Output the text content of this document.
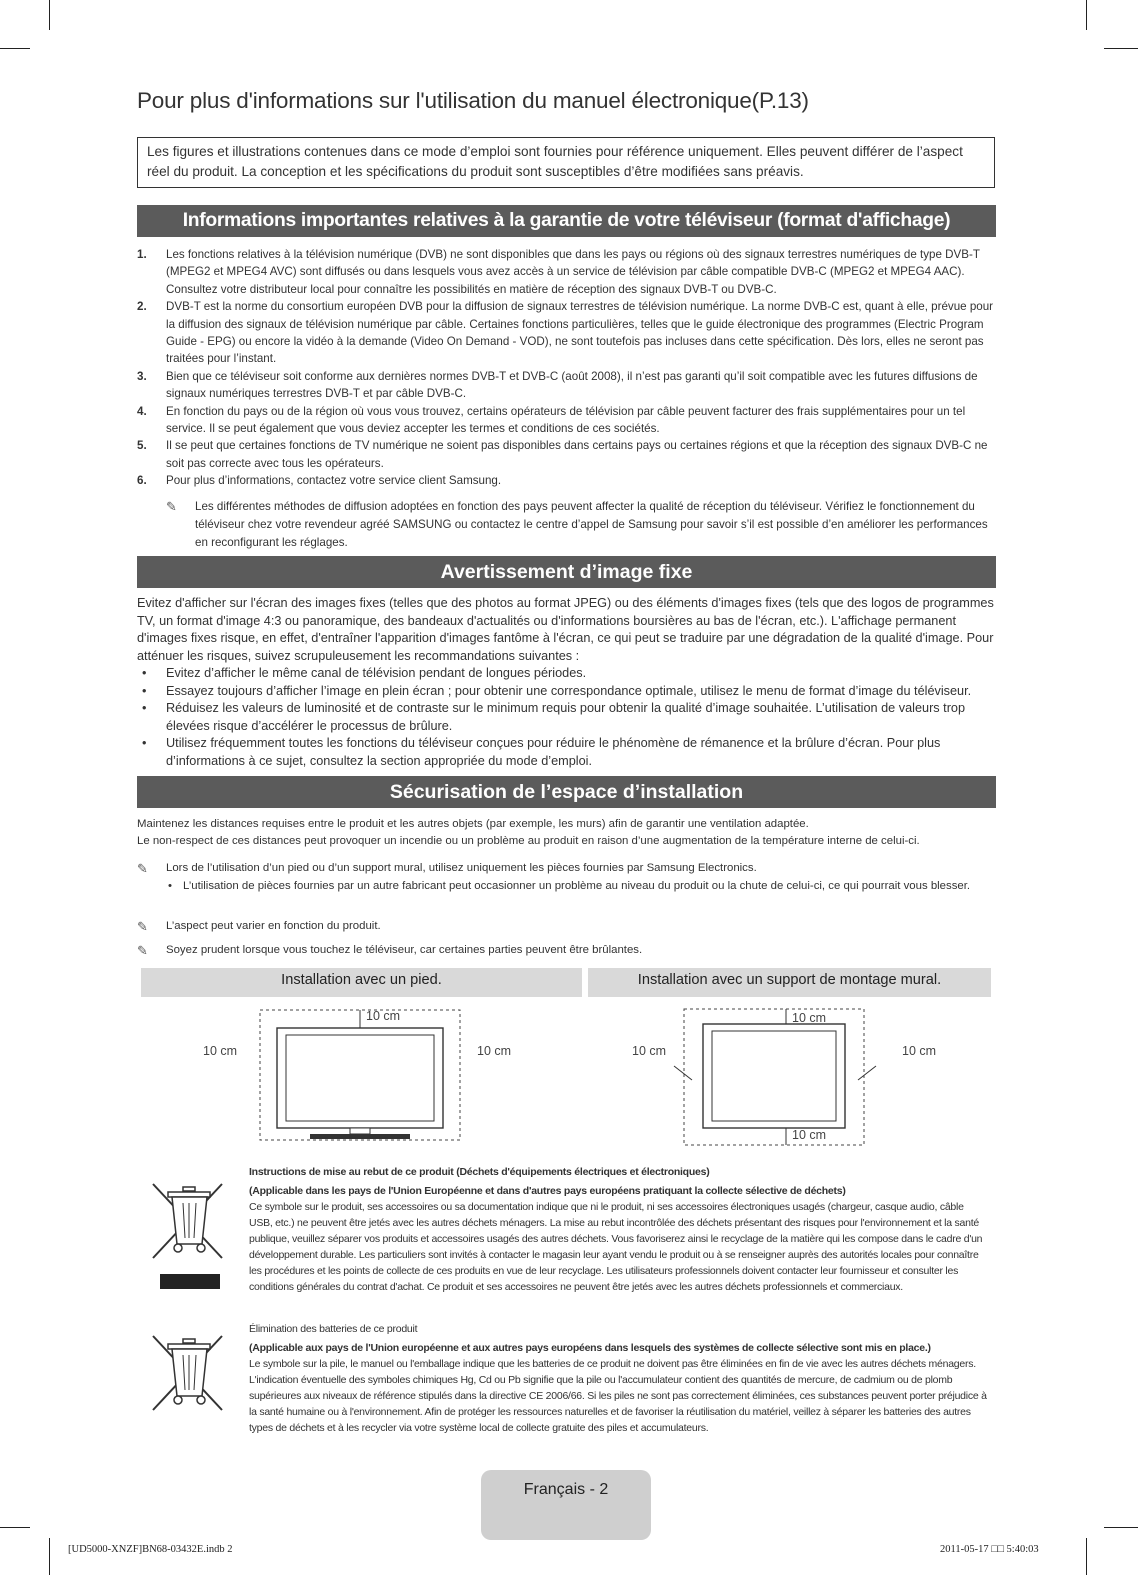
Pour plus d'informations sur l'utilisation du manuel électronique(P.13)
Les figures et illustrations contenues dans ce mode d’emploi sont fournies pour référence uniquement. Elles peuvent différer de l’aspect réel du produit. La conception et les spécifications du produit sont susceptibles d’être modifiées sans préavis.
Informations importantes relatives à la garantie de votre téléviseur (format d'affichage)
1. Les fonctions relatives à la télévision numérique (DVB) ne sont disponibles que dans les pays ou régions où des signaux terrestres numériques de type DVB-T (MPEG2 et MPEG4 AVC) sont diffusés ou dans lesquels vous avez accès à un service de télévision par câble compatible DVB-C (MPEG2 et MPEG4 AAC). Consultez votre distributeur local pour connaître les possibilités en matière de réception des signaux DVB-T ou DVB-C.
2. DVB-T est la norme du consortium européen DVB pour la diffusion de signaux terrestres de télévision numérique. La norme DVB-C est, quant à elle, prévue pour la diffusion des signaux de télévision numérique par câble. Certaines fonctions particulières, telles que le guide électronique des programmes (Electric Program Guide - EPG) ou encore la vidéo à la demande (Video On Demand - VOD), ne sont toutefois pas incluses dans cette spécification. Dès lors, elles ne seront pas traitées pour l’instant.
3. Bien que ce téléviseur soit conforme aux dernières normes DVB-T et DVB-C (août 2008), il n’est pas garanti qu’il soit compatible avec les futures diffusions de signaux numériques terrestres DVB-T et par câble DVB-C.
4. En fonction du pays ou de la région où vous vous trouvez, certains opérateurs de télévision par câble peuvent facturer des frais supplémentaires pour un tel service. Il se peut également que vous deviez accepter les termes et conditions de ces sociétés.
5. Il se peut que certaines fonctions de TV numérique ne soient pas disponibles dans certains pays ou certaines régions et que la réception des signaux DVB-C ne soit pas correcte avec tous les opérateurs.
6. Pour plus d’informations, contactez votre service client Samsung.
✎ Les différentes méthodes de diffusion adoptées en fonction des pays peuvent affecter la qualité de réception du téléviseur. Vérifiez le fonctionnement du téléviseur chez votre revendeur agréé SAMSUNG ou contactez le centre d’appel de Samsung pour savoir s’il est possible d’en améliorer les performances en reconfigurant les réglages.
Avertissement d’image fixe
Evitez d'afficher sur l'écran des images fixes (telles que des photos au format JPEG) ou des éléments d'images fixes (tels que des logos de programmes TV, un format d'image 4:3 ou panoramique, des bandeaux d'actualités ou d'informations boursières au bas de l'écran, etc.). L'affichage permanent d'images fixes risque, en effet, d'entraîner l'apparition d'images fantôme à l'écran, ce qui peut se traduire par une dégradation de la qualité d'image. Pour atténuer les risques, suivez scrupuleusement les recommandations suivantes :
• Evitez d’afficher le même canal de télévision pendant de longues périodes.
• Essayez toujours d’afficher l’image en plein écran ; pour obtenir une correspondance optimale, utilisez le menu de format d’image du téléviseur.
• Réduisez les valeurs de luminosité et de contraste sur le minimum requis pour obtenir la qualité d’image souhaitée. L’utilisation de valeurs trop élevées risque d’accélérer le processus de brûlure.
• Utilisez fréquemment toutes les fonctions du téléviseur conçues pour réduire le phénomène de rémanence et la brûlure d’écran. Pour plus d’informations à ce sujet, consultez la section appropriée du mode d’emploi.
Sécurisation de l’espace d’installation
Maintenez les distances requises entre le produit et les autres objets (par exemple, les murs) afin de garantir une ventilation adaptée.
Le non-respect de ces distances peut provoquer un incendie ou un problème au produit en raison d’une augmentation de la température interne de celui-ci.
✎ Lors de l’utilisation d’un pied ou d’un support mural, utilisez uniquement les pièces fournies par Samsung Electronics.
• L’utilisation de pièces fournies par un autre fabricant peut occasionner un problème au niveau du produit ou la chute de celui-ci, ce qui pourrait vous blesser.
✎ L’aspect peut varier en fonction du produit.
✎ Soyez prudent lorsque vous touchez le téléviseur, car certaines parties peuvent être brûlantes.
Installation avec un pied.	Installation avec un support de montage mural.
10 cm
10 cm	10 cm
10 cm
10 cm	10 cm
10 cm
Instructions de mise au rebut de ce produit (Déchets d'équipements électriques et électroniques)
(Applicable dans les pays de l'Union Européenne et dans d'autres pays européens pratiquant la collecte sélective de déchets)
Ce symbole sur le produit, ses accessoires ou sa documentation indique que ni le produit, ni ses accessoires électroniques usagés (chargeur, casque audio, câble USB, etc.) ne peuvent être jetés avec les autres déchets ménagers. La mise au rebut incontrôlée des déchets présentant des risques pour l'environnement et la santé publique, veuillez séparer vos produits et accessoires usagés des autres déchets. Vous favoriserez ainsi le recyclage de la matière qui les compose dans le cadre d'un développement durable. Les particuliers sont invités à contacter le magasin leur ayant vendu le produit ou à se renseigner auprès des autorités locales pour connaître les procédures et les points de collecte de ces produits en vue de leur recyclage. Les utilisateurs professionnels doivent contacter leur fournisseur et consulter les conditions générales du contrat d'achat. Ce produit et ses accessoires ne peuvent être jetés avec les autres déchets professionnels et commerciaux.
Élimination des batteries de ce produit
(Applicable aux pays de l'Union européenne et aux autres pays européens dans lesquels des systèmes de collecte sélective sont mis en place.)
Le symbole sur la pile, le manuel ou l'emballage indique que les batteries de ce produit ne doivent pas être éliminées en fin de vie avec les autres déchets ménagers. L'indication éventuelle des symboles chimiques Hg, Cd ou Pb signifie que la pile ou l'accumulateur contient des quantités de mercure, de cadmium ou de plomb supérieures aux niveaux de référence stipulés dans la directive CE 2006/66. Si les piles ne sont pas correctement éliminées, ces substances peuvent porter préjudice à la santé humaine ou à l'environnement. Afin de protéger les ressources naturelles et de favoriser la réutilisation du matériel, veillez à séparer les batteries des autres types de déchets et à les recycler via votre système local de collecte gratuite des piles et accumulateurs.
Français - 2
[UD5000-XNZF]BN68-03432E.indb 2	2011-05-17 □□ 5:40:03
